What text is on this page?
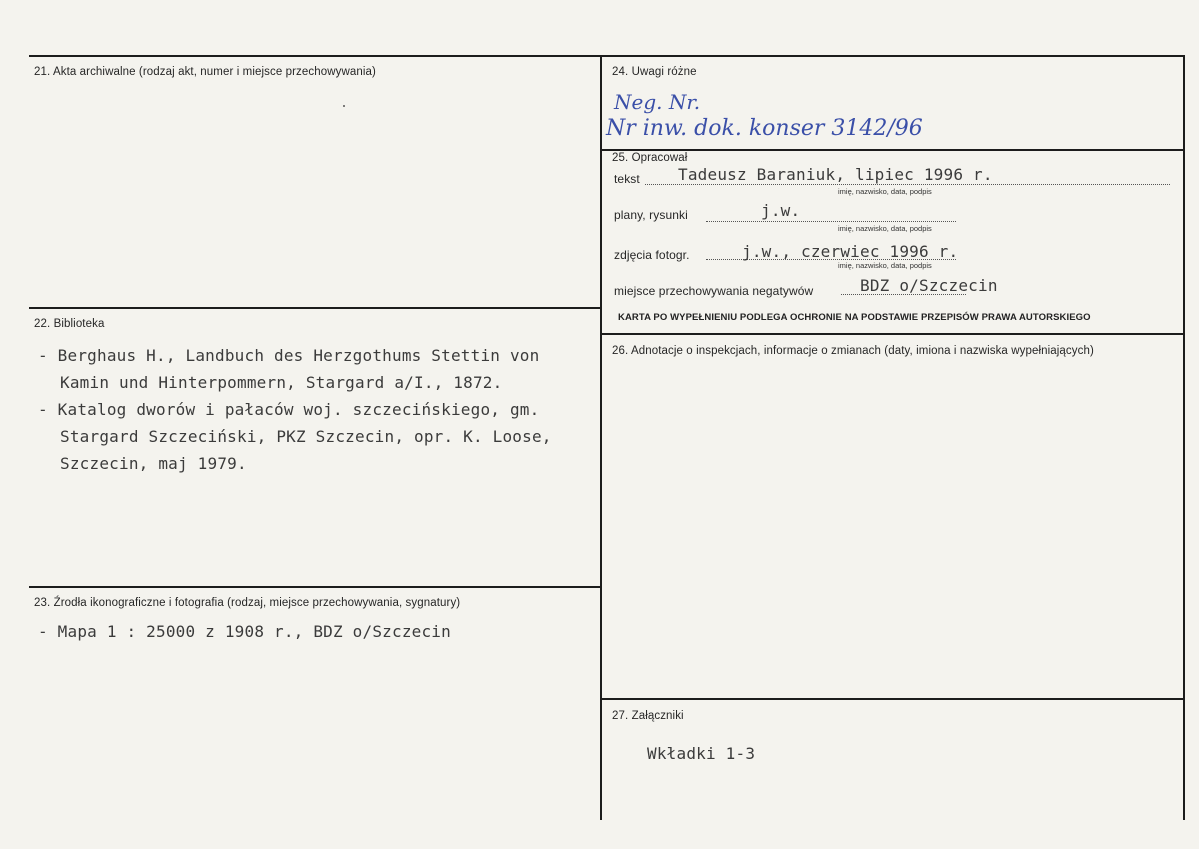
21. Akta archiwalne (rodzaj akt, numer i miejsce przechowywania)
22. Biblioteka
23. Źrodła ikonograficzne i fotografia (rodzaj, miejsce przechowywania, sygnatury)
24. Uwagi różne
25. Opracował
26. Adnotacje o inspekcjach, informacje o zmianach (daty, imiona i nazwiska wypełniających)
27. Załączniki
- Berghaus H., Landbuch des Herzgothums Stettin von
Kamin und Hinterpommern, Stargard a/I., 1872.
- Katalog dworów i pałaców woj. szczecińskiego, gm.
Stargard Szczeciński, PKZ Szczecin, opr. K. Loose,
Szczecin, maj 1979.
- Mapa 1 : 25000 z 1908 r., BDZ o/Szczecin
Neg. Nr.
Nr inw. dok. konser 3142/96
tekst Tadeusz Baraniuk, lipiec 1996 r.
imię, nazwisko, data, podpis
plany, rysunki	j.w.
imię, nazwisko, data, podpis
zdjęcia fotogr.	j.w., czerwiec 1996 r.
imię, nazwisko, data, podpis
miejsce przechowywania negatywów	BDZ o/Szczecin
KARTA PO WYPEŁNIENIU PODLEGA OCHRONIE NA PODSTAWIE PRZEPISÓW PRAWA AUTORSKIEGO
Wkładki 1-3
